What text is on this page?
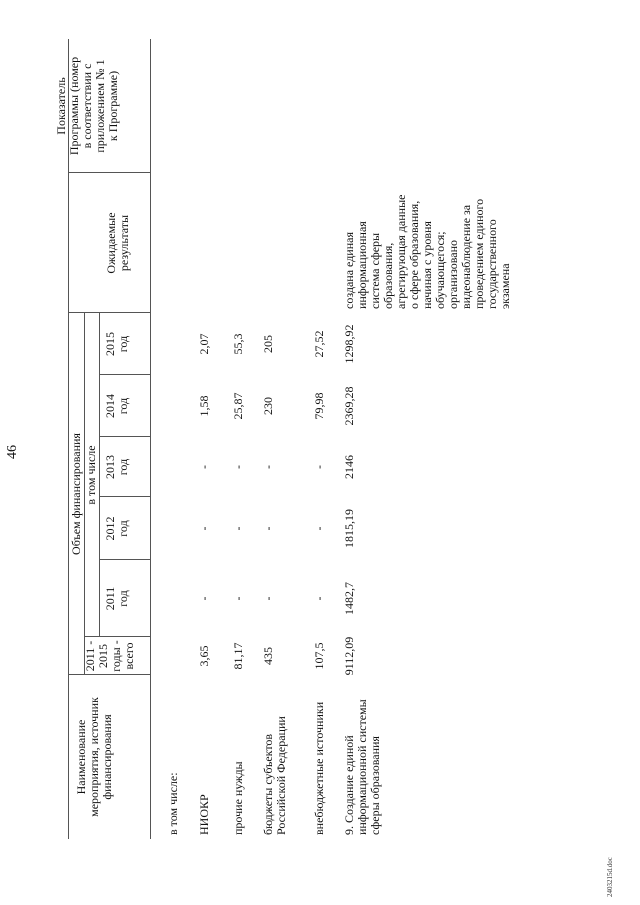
46
Наименование мероприятия, источник финансирования
2011 - 2015 годы - всего
Объем финансирования в том числе
2011 год
2012 год
2013 год
2014 год
2015 год
Ожидаемые результаты
Показатель Программы (номер в соответствии с приложением № 1 к Программе)
в том числе: НИОКР
3,65
-
-
-
1,58
2,07
прочие нужды
81,17
-
-
-
25,87
55,3
бюджеты субъектов Российской Федерации
435
-
-
-
230
205
внебюджетные источники
107,5
-
-
-
79,98
27,52
9. Создание единой информационной системы сферы образования
9112,09
1482,7
1815,19
2146
2369,28
1298,92
создана единая информационная система сферы образования, агрегирующая данные о сфере образования, начиная с уровня обучающегося; организовано видеонаблюдение за проведением единого государственного экзамена
2403215d.doc
